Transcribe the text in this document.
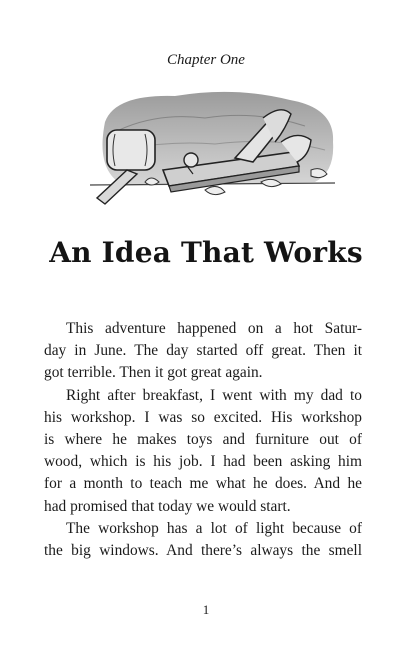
Chapter One
An Idea That Works
This adventure happened on a hot Satur-
day in June. The day started off great. Then it
got terrible. Then it got great again.
Right after breakfast, I went with my dad to
his workshop. I was so excited. His workshop
is where he makes toys and furniture out of
wood, which is his job. I had been asking him
for a month to teach me what he does. And he
had promised that today we would start.
The workshop has a lot of light because of
the big windows. And there’s always the smell
1
